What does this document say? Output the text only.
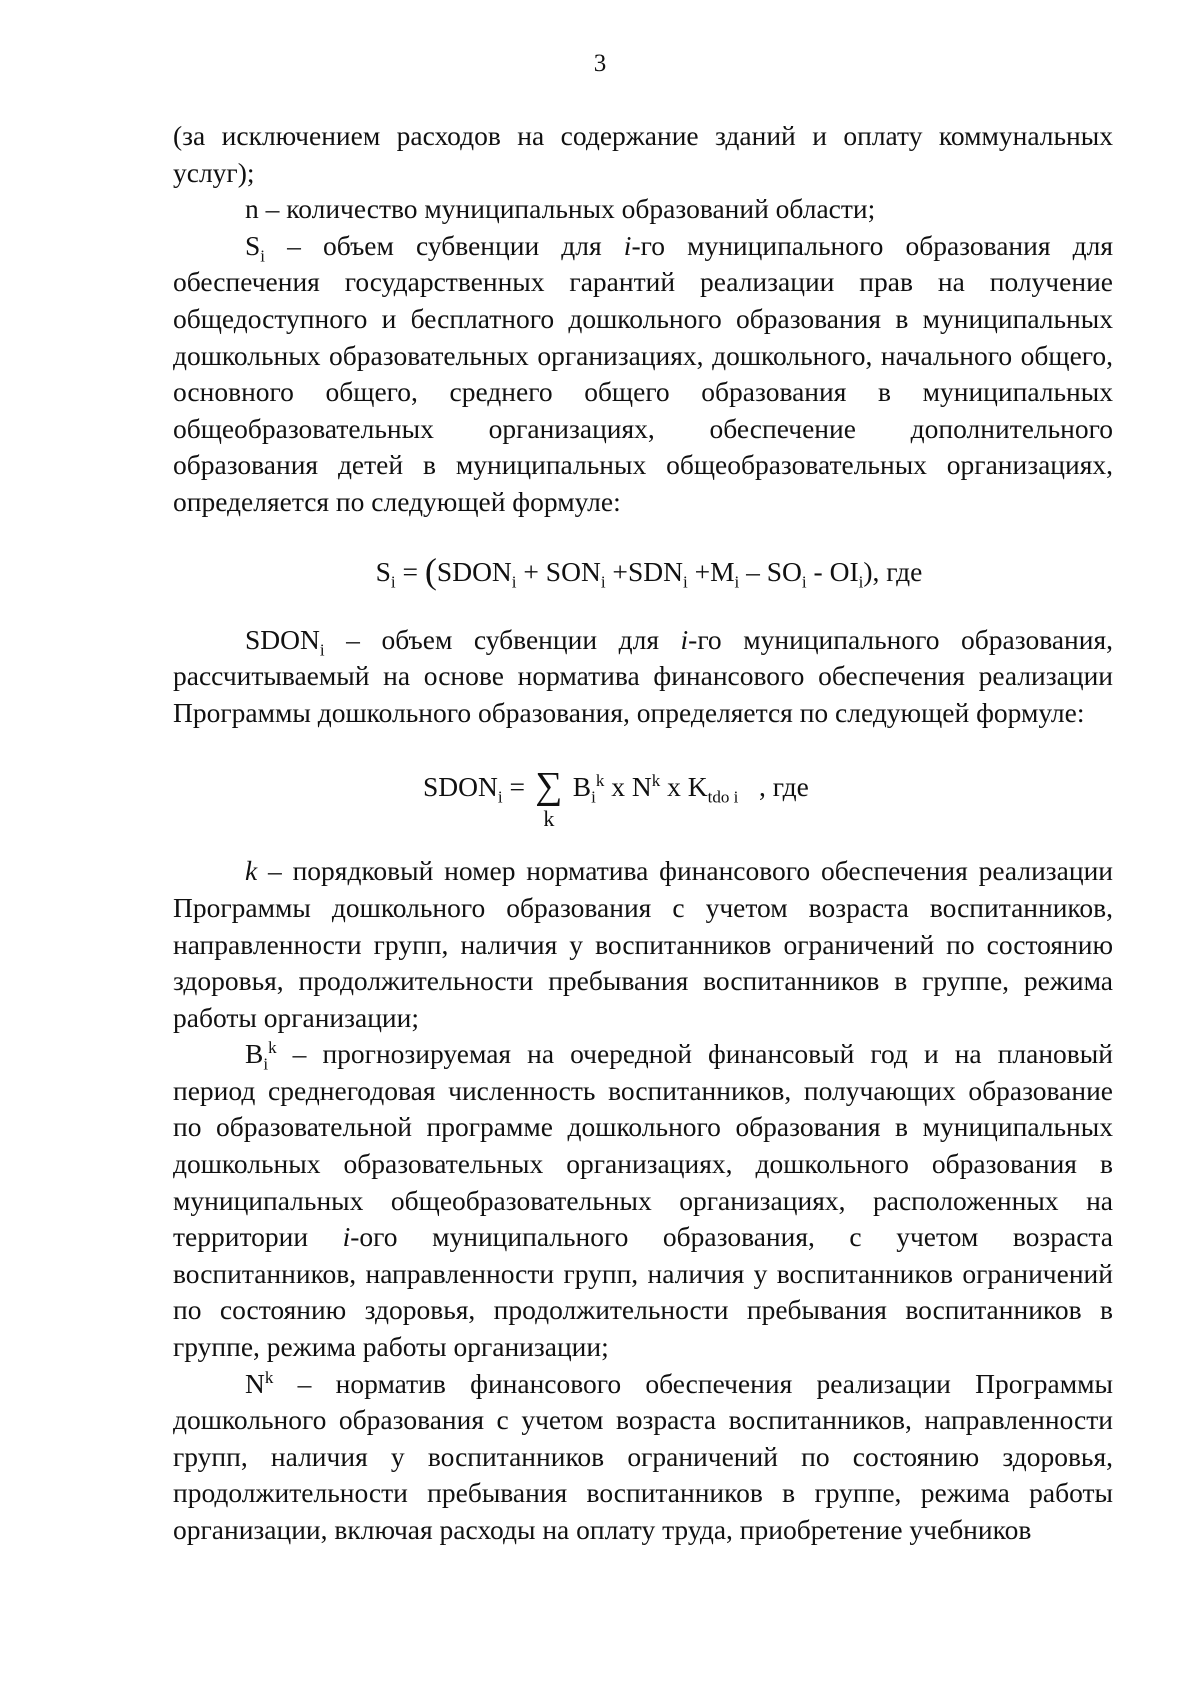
3

(за исключением расходов на содержание зданий и оплату коммунальных услуг);

n – количество муниципальных образований области;

$S_i$ – объем субвенции для i-го муниципального образования для обеспечения государственных гарантий реализации прав на получение общедоступного и бесплатного дошкольного образования в муниципальных дошкольных образовательных организациях, дошкольного, начального общего, основного общего, среднего общего образования в муниципальных общеобразовательных организациях, обеспечение дополнительного образования детей в муниципальных общеобразовательных организациях, определяется по следующей формуле:

$S_i$ = $(SDON_i + SON_i +SDN_i +M_i - SO_i - OI_i)$, где

$SDON_i$ – объем субвенции для i-го муниципального образования, рассчитываемый на основе норматива финансового обеспечения реализации Программы дошкольного образования, определяется по следующей формуле:

$SDON_i$ = ∑
k
$B_i^k$ х $N^k$ х $K_{tdo i}$   , где

k – порядковый номер норматива финансового обеспечения реализации Программы дошкольного образования с учетом возраста воспитанников, направленности групп, наличия у воспитанников ограничений по состоянию здоровья, продолжительности пребывания воспитанников в группе, режима работы организации;

$B_i^k$ – прогнозируемая на очередной финансовый год и на плановый период среднегодовая численность воспитанников, получающих образование по образовательной программе дошкольного образования в муниципальных дошкольных образовательных организациях, дошкольного образования в муниципальных общеобразовательных организациях, расположенных на территории i-ого муниципального образования, с учетом возраста воспитанников, направленности групп, наличия у воспитанников ограничений по состоянию здоровья, продолжительности пребывания воспитанников в группе, режима работы организации;

$N^k$ – норматив финансового обеспечения реализации Программы дошкольного образования с учетом возраста воспитанников, направленности групп, наличия у воспитанников ограничений по состоянию здоровья, продолжительности пребывания воспитанников в группе, режима работы организации, включая расходы на оплату труда, приобретение учебников
